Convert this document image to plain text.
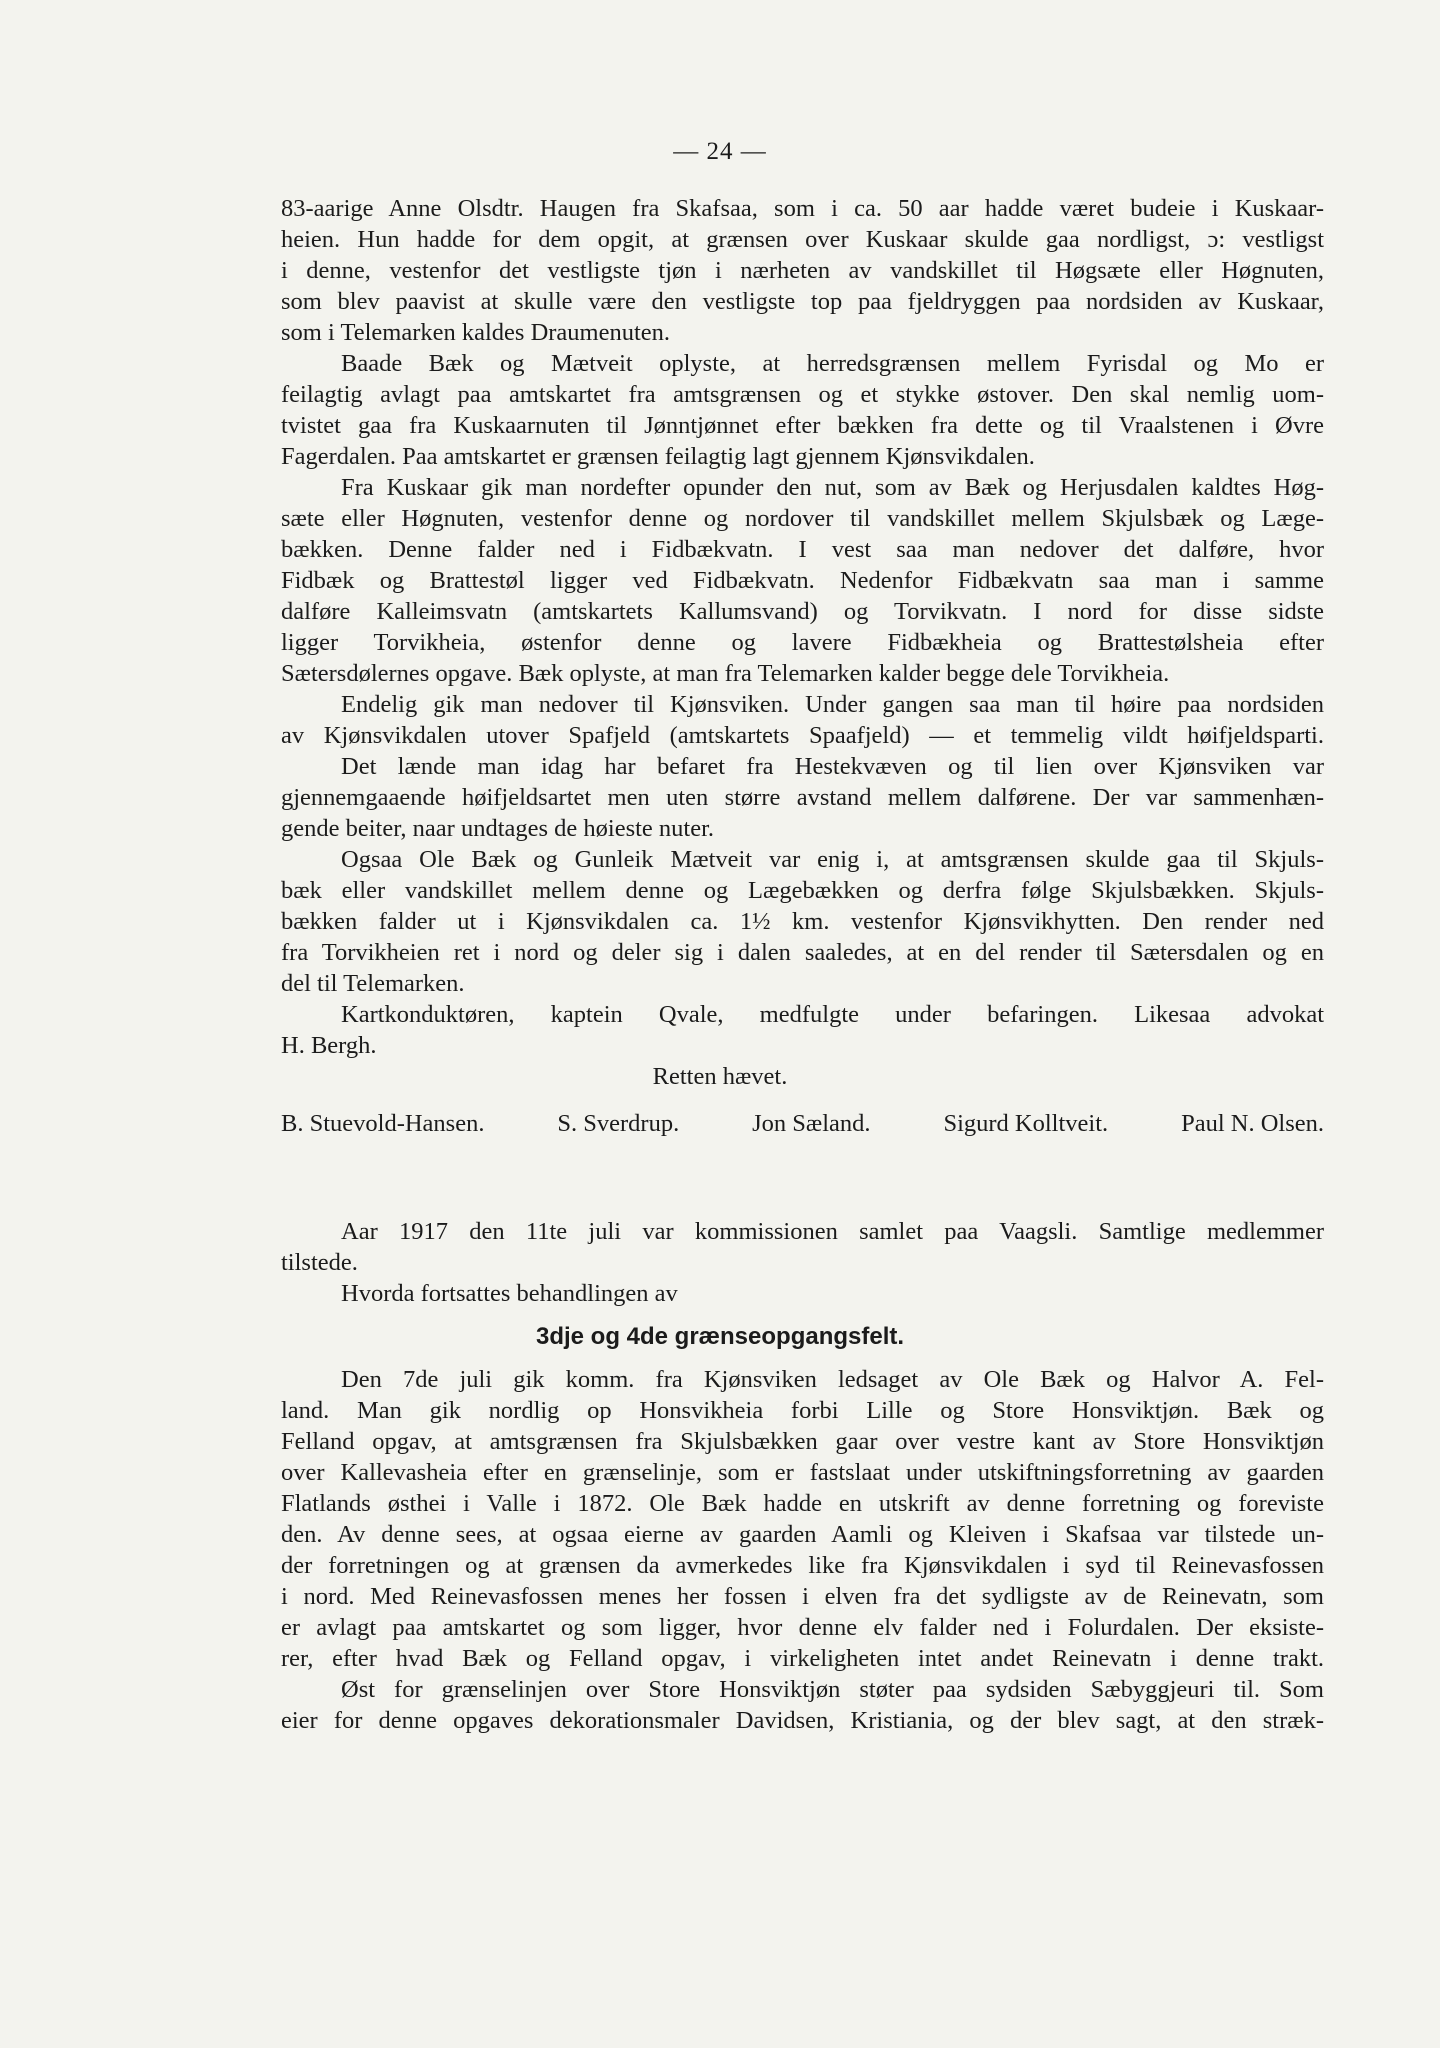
— 24 —
83-aarige Anne Olsdtr. Haugen fra Skafsaa, som i ca. 50 aar hadde været budeie i Kuskaar-
heien. Hun hadde for dem opgit, at grænsen over Kuskaar skulde gaa nordligst, ɔ: vestligst
i denne, vestenfor det vestligste tjøn i nærheten av vandskillet til Høgsæte eller Høgnuten,
som blev paavist at skulle være den vestligste top paa fjeldryggen paa nordsiden av Kuskaar,
som i Telemarken kaldes Draumenuten.
Baade Bæk og Mætveit oplyste, at herredsgrænsen mellem Fyrisdal og Mo er
feilagtig avlagt paa amtskartet fra amtsgrænsen og et stykke østover. Den skal nemlig uom-
tvistet gaa fra Kuskaarnuten til Jønntjønnet efter bækken fra dette og til Vraalstenen i Øvre
Fagerdalen. Paa amtskartet er grænsen feilagtig lagt gjennem Kjønsvikdalen.
Fra Kuskaar gik man nordefter opunder den nut, som av Bæk og Herjusdalen kaldtes Høg-
sæte eller Høgnuten, vestenfor denne og nordover til vandskillet mellem Skjulsbæk og Læge-
bækken. Denne falder ned i Fidbækvatn. I vest saa man nedover det dalføre, hvor
Fidbæk og Brattestøl ligger ved Fidbækvatn. Nedenfor Fidbækvatn saa man i samme
dalføre Kalleimsvatn (amtskartets Kallumsvand) og Torvikvatn. I nord for disse sidste
ligger Torvikheia, østenfor denne og lavere Fidbækheia og Brattestølsheia efter
Sætersdølernes opgave. Bæk oplyste, at man fra Telemarken kalder begge dele Torvikheia.
Endelig gik man nedover til Kjønsviken. Under gangen saa man til høire paa nordsiden
av Kjønsvikdalen utover Spafjeld (amtskartets Spaafjeld) — et temmelig vildt høifjeldsparti.
Det lænde man idag har befaret fra Hestekvæven og til lien over Kjønsviken var
gjennemgaaende høifjeldsartet men uten større avstand mellem dalførene. Der var sammenhæn-
gende beiter, naar undtages de høieste nuter.
Ogsaa Ole Bæk og Gunleik Mætveit var enig i, at amtsgrænsen skulde gaa til Skjuls-
bæk eller vandskillet mellem denne og Lægebækken og derfra følge Skjulsbækken. Skjuls-
bækken falder ut i Kjønsvikdalen ca. 1½ km. vestenfor Kjønsvikhytten. Den render ned
fra Torvikheien ret i nord og deler sig i dalen saaledes, at en del render til Sætersdalen og en
del til Telemarken.
Kartkonduktøren, kaptein Qvale, medfulgte under befaringen. Likesaa advokat
H. Bergh.
Retten hævet.
B. Stuevold-Hansen.	S. Sverdrup.	Jon Sæland.	Sigurd Kolltveit.	Paul N. Olsen.
Aar 1917 den 11te juli var kommissionen samlet paa Vaagsli. Samtlige medlemmer
tilstede.
Hvorda fortsattes behandlingen av
3dje og 4de grænseopgangsfelt.
Den 7de juli gik komm. fra Kjønsviken ledsaget av Ole Bæk og Halvor A. Fel-
land. Man gik nordlig op Honsvikheia forbi Lille og Store Honsviktjøn. Bæk og
Felland opgav, at amtsgrænsen fra Skjulsbækken gaar over vestre kant av Store Honsviktjøn
over Kallevasheia efter en grænselinje, som er fastslaat under utskiftningsforretning av gaarden
Flatlands østhei i Valle i 1872. Ole Bæk hadde en utskrift av denne forretning og foreviste
den. Av denne sees, at ogsaa eierne av gaarden Aamli og Kleiven i Skafsaa var tilstede un-
der forretningen og at grænsen da avmerkedes like fra Kjønsvikdalen i syd til Reinevasfossen
i nord. Med Reinevasfossen menes her fossen i elven fra det sydligste av de Reinevatn, som
er avlagt paa amtskartet og som ligger, hvor denne elv falder ned i Folurdalen. Der eksiste-
rer, efter hvad Bæk og Felland opgav, i virkeligheten intet andet Reinevatn i denne trakt.
Øst for grænselinjen over Store Honsviktjøn støter paa sydsiden Sæbyggjeuri til. Som
eier for denne opgaves dekorationsmaler Davidsen, Kristiania, og der blev sagt, at den stræk-
